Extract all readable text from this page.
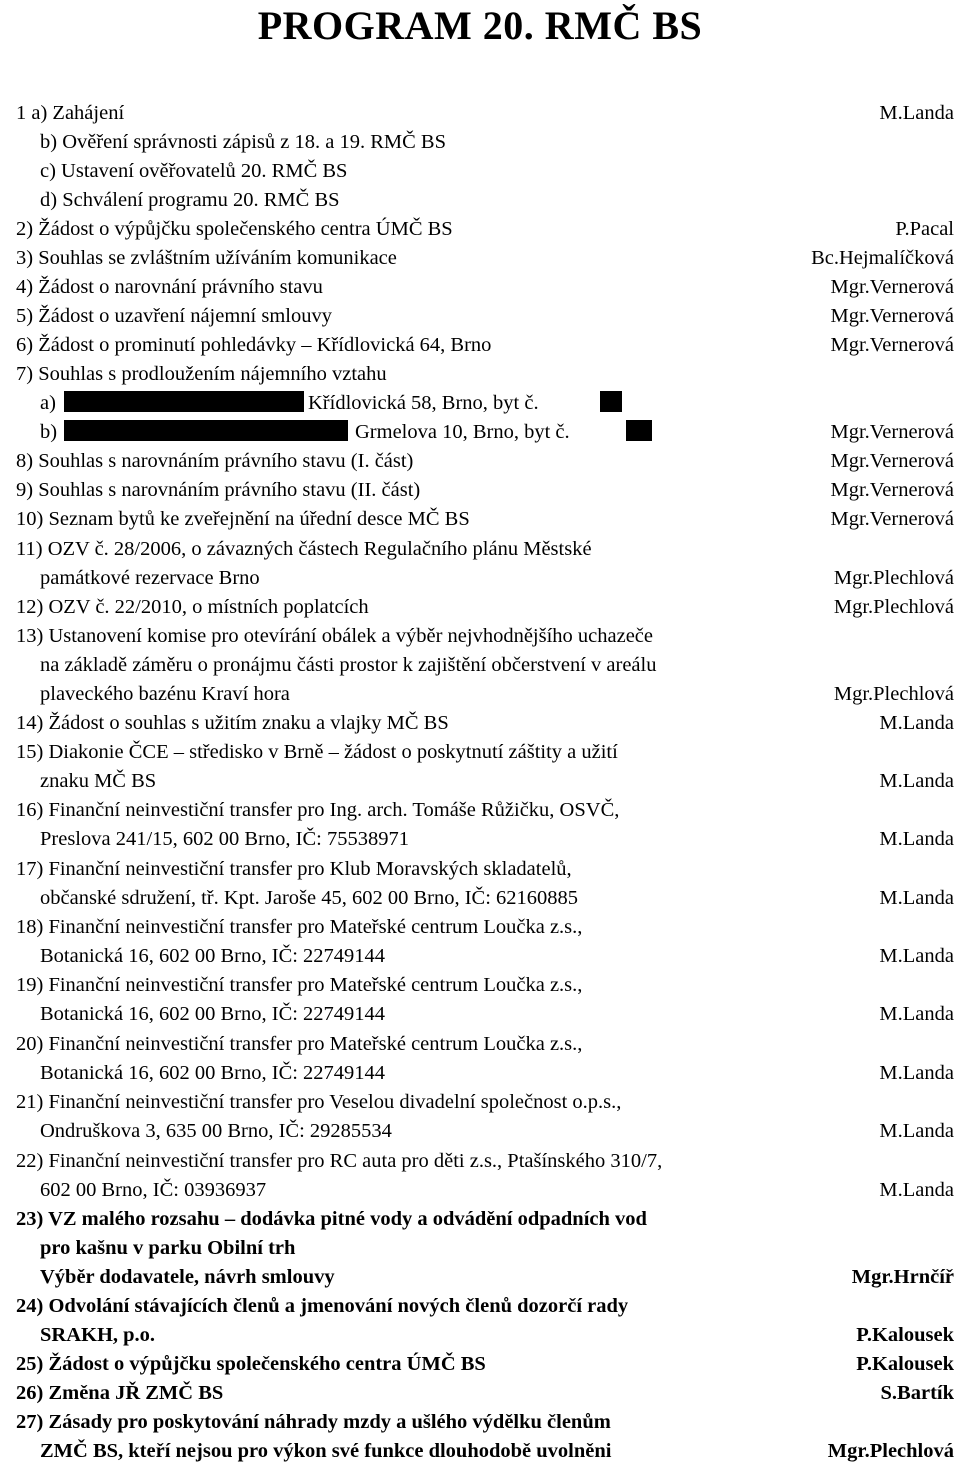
PROGRAM 20. RMČ BS
1 a) Zahájení	M.Landa
b) Ověření správnosti zápisů z 18. a 19. RMČ BS
c) Ustavení ověřovatelů 20. RMČ BS
d) Schválení programu 20. RMČ BS
2) Žádost o výpůjčku společenského centra ÚMČ BS	P.Pacal
3) Souhlas se zvláštním užíváním komunikace	Bc.Hejmalíčková
4) Žádost o narovnání právního stavu	Mgr.Vernerová
5) Žádost o uzavření nájemní smlouvy	Mgr.Vernerová
6) Žádost o prominutí pohledávky – Křídlovická 64, Brno	Mgr.Vernerová
7) Souhlas s prodloužením nájemního vztahu
a)	Křídlovická 58, Brno, byt č.
b)	Grmelova 10, Brno, byt č.	Mgr.Vernerová
8) Souhlas s narovnáním právního stavu (I. část)	Mgr.Vernerová
9) Souhlas s narovnáním právního stavu (II. část)	Mgr.Vernerová
10) Seznam bytů ke zveřejnění na úřední desce MČ BS	Mgr.Vernerová
11) OZV č. 28/2006, o závazných částech Regulačního plánu Městské
památkové rezervace Brno	Mgr.Plechlová
12) OZV č. 22/2010, o místních poplatcích	Mgr.Plechlová
13) Ustanovení komise pro otevírání obálek a výběr nejvhodnějšího uchazeče
na základě záměru o pronájmu části prostor k zajištění občerstvení v areálu
plaveckého bazénu Kraví hora	Mgr.Plechlová
14) Žádost o souhlas s užitím znaku a vlajky MČ BS	M.Landa
15) Diakonie ČCE – středisko v Brně – žádost o poskytnutí záštity a užití
znaku MČ BS	M.Landa
16) Finanční neinvestiční transfer pro Ing. arch. Tomáše Růžičku, OSVČ,
Preslova 241/15, 602 00 Brno, IČ: 75538971	M.Landa
17) Finanční neinvestiční transfer pro Klub Moravských skladatelů,
občanské sdružení, tř. Kpt. Jaroše 45, 602 00 Brno, IČ: 62160885	M.Landa
18) Finanční neinvestiční transfer pro Mateřské centrum Loučka z.s.,
Botanická 16, 602 00 Brno, IČ: 22749144	M.Landa
19) Finanční neinvestiční transfer pro Mateřské centrum Loučka z.s.,
Botanická 16, 602 00 Brno, IČ: 22749144	M.Landa
20) Finanční neinvestiční transfer pro Mateřské centrum Loučka z.s.,
Botanická 16, 602 00 Brno, IČ: 22749144	M.Landa
21) Finanční neinvestiční transfer pro Veselou divadelní společnost o.p.s.,
Ondruškova 3, 635 00 Brno, IČ: 29285534	M.Landa
22) Finanční neinvestiční transfer pro RC auta pro děti z.s., Ptašínského 310/7,
602 00 Brno, IČ: 03936937	M.Landa
23) VZ malého rozsahu – dodávka pitné vody a odvádění odpadních vod
pro kašnu v parku Obilní trh
Výběr dodavatele, návrh smlouvy	Mgr.Hrnčíř
24) Odvolání stávajících členů a jmenování nových členů dozorčí rady
SRAKH, p.o.	P.Kalousek
25) Žádost o výpůjčku společenského centra ÚMČ BS	P.Kalousek
26) Změna JŘ ZMČ BS	S.Bartík
27) Zásady pro poskytování náhrady mzdy a ušlého výdělku členům
ZMČ BS, kteří nejsou pro výkon své funkce dlouhodobě uvolněni	Mgr.Plechlová
